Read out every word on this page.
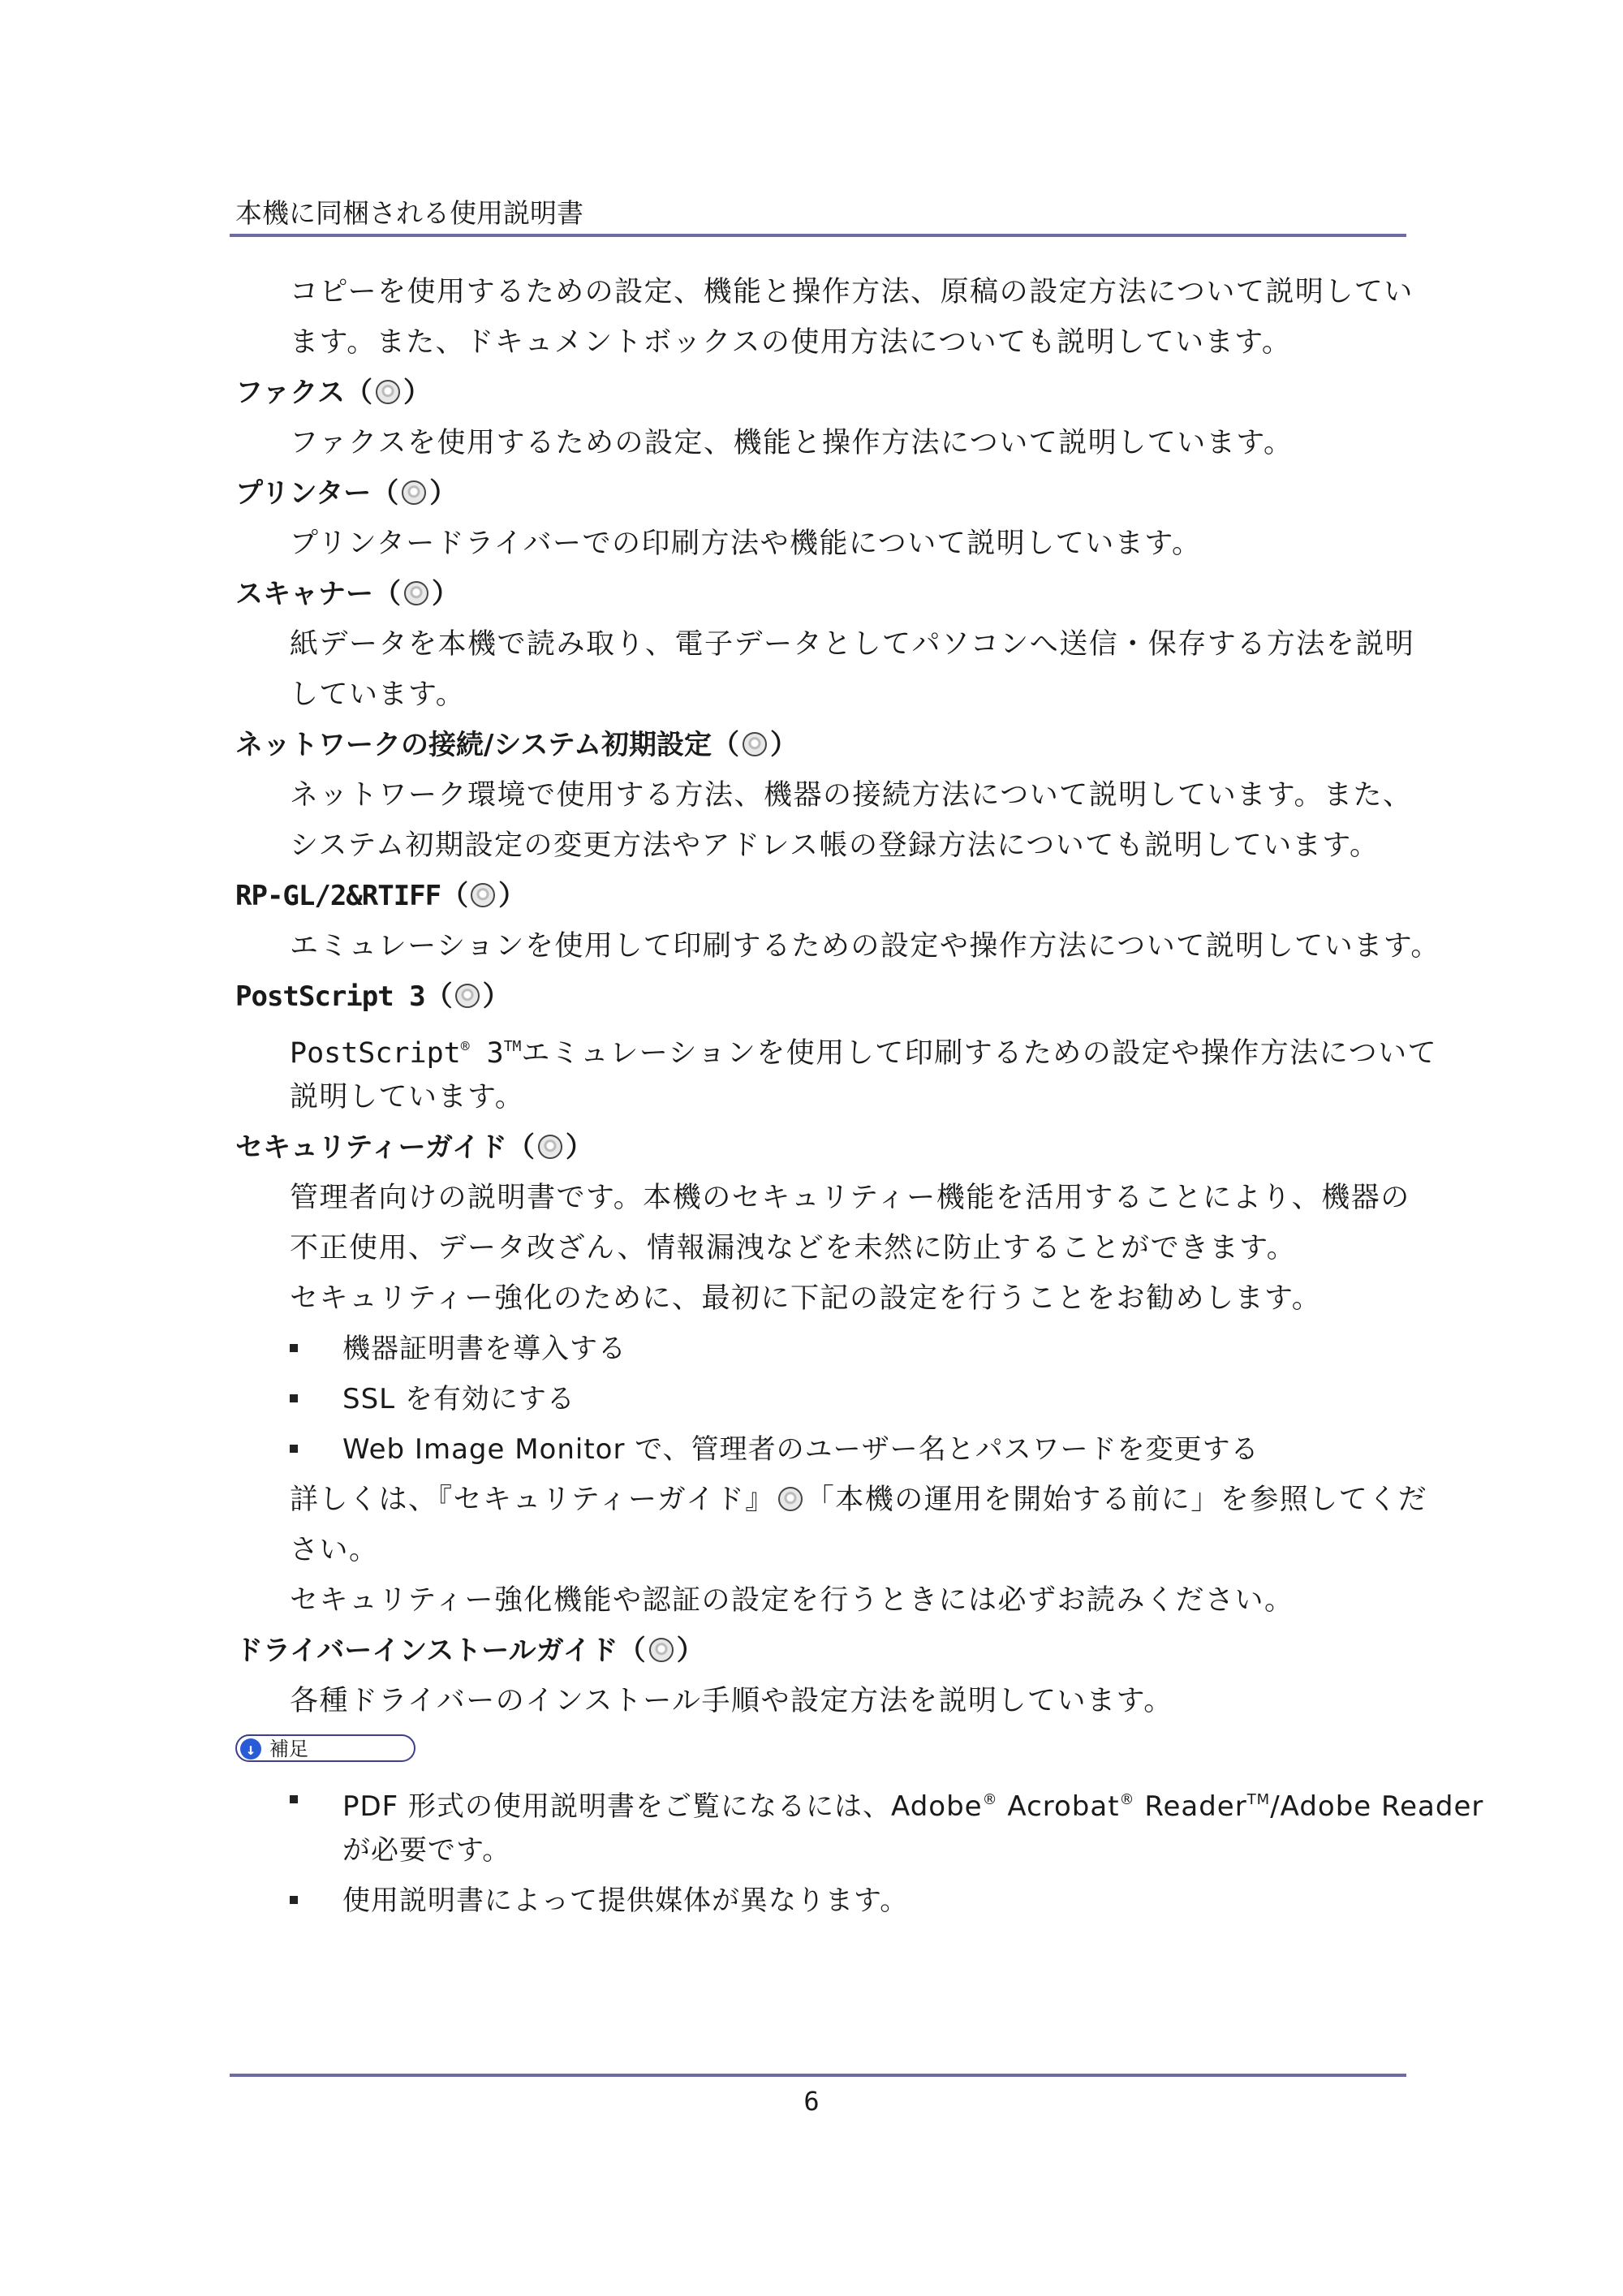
本機に同梱される使用説明書
コピーを使用するための設定、機能と操作方法、原稿の設定方法について説明してい
ます。また、ドキュメントボックスの使用方法についても説明しています。
ファクス（ ）
ファクスを使用するための設定、機能と操作方法について説明しています。
プリンター（ ）
プリンタードライバーでの印刷方法や機能について説明しています。
スキャナー（ ）
紙データを本機で読み取り、電子データとしてパソコンへ送信・保存する方法を説明
しています。
ネットワークの接続/システム初期設定（ ）
ネットワーク環境で使用する方法、機器の接続方法について説明しています。また、
システム初期設定の変更方法やアドレス帳の登録方法についても説明しています。
RP-GL/2&RTIFF（ ）
エミュレーションを使用して印刷するための設定や操作方法について説明しています。
PostScript 3（ ）
PostScript® 3™エミュレーションを使用して印刷するための設定や操作方法について
説明しています。
セキュリティーガイド（ ）
管理者向けの説明書です。本機のセキュリティー機能を活用することにより、機器の
不正使用、データ改ざん、情報漏洩などを未然に防止することができます。
セキュリティー強化のために、最初に下記の設定を行うことをお勧めします。
機器証明書を導入する
SSL を有効にする
Web Image Monitor で、管理者のユーザー名とパスワードを変更する
詳しくは、『セキュリティーガイド』 「本機の運用を開始する前に」を参照してくだ
さい。
セキュリティー強化機能や認証の設定を行うときには必ずお読みください。
ドライバーインストールガイド（ ）
各種ドライバーのインストール手順や設定方法を説明しています。
↓ 補足
PDF 形式の使用説明書をご覧になるには、Adobe® Acrobat® Reader™/Adobe Reader
が必要です。
使用説明書によって提供媒体が異なります。
6
